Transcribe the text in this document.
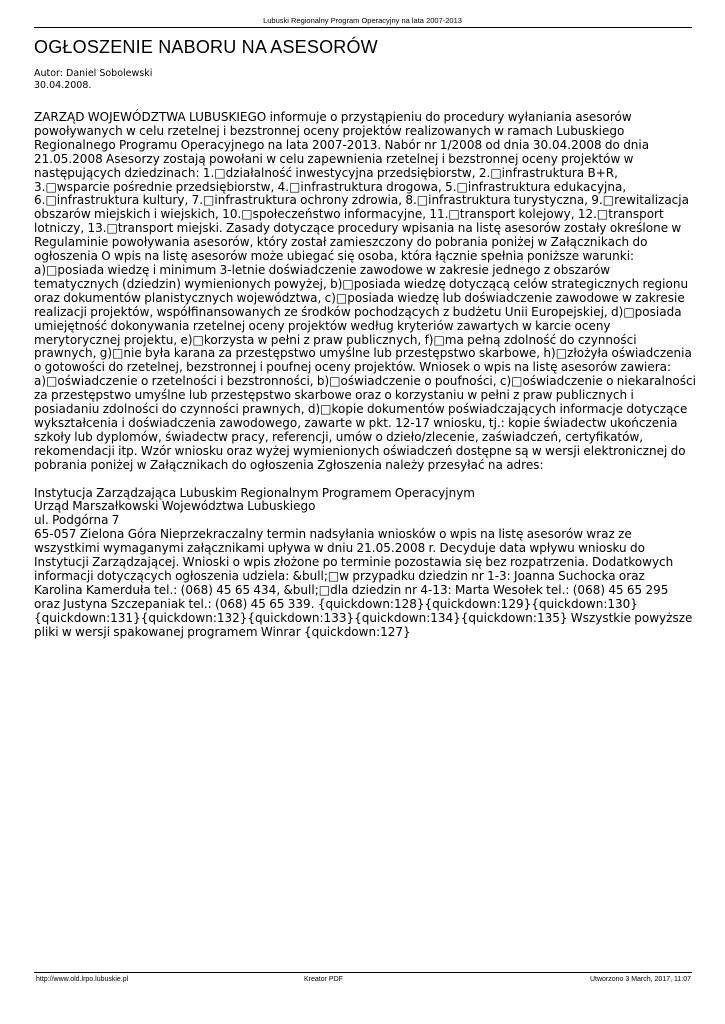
Lubuski Regionalny Program Operacyjny na lata 2007-2013
OGŁOSZENIE NABORU NA ASESORÓW
Autor: Daniel Sobolewski
30.04.2008.

ZARZĄD WOJEWÓDZTWA LUBUSKIEGO informuje o przystąpieniu do procedury wyłaniania asesorów powoływanych w celu rzetelnej i bezstronnej oceny projektów realizowanych w ramach Lubuskiego Regionalnego Programu Operacyjnego na lata 2007-2013. Nabór nr 1/2008 od dnia 30.04.2008 do dnia 21.05.2008 Asesorzy zostają powołani w celu zapewnienia rzetelnej i bezstronnej oceny projektów w następujących dziedzinach: 1.□działalność inwestycyjna przedsiębiorstw, 2.□infrastruktura B+R, 3.□wsparcie pośrednie przedsiębiorstw, 4.□infrastruktura drogowa, 5.□infrastruktura edukacyjna, 6.□infrastruktura kultury, 7.□infrastruktura ochrony zdrowia, 8.□infrastruktura turystyczna, 9.□rewitalizacja obszarów miejskich i wiejskich, 10.□społeczeństwo informacyjne, 11.□transport kolejowy, 12.□transport lotniczy, 13.□transport miejski. Zasady dotyczące procedury wpisania na listę asesorów zostały określone w Regulaminie powoływania asesorów, który został zamieszczony do pobrania poniżej w Załącznikach do ogłoszenia O wpis na listę asesorów może ubiegać się osoba, która łącznie spełnia poniższe warunki: a)□posiada wiedzę i minimum 3-letnie doświadczenie zawodowe w zakresie jednego z obszarów tematycznych (dziedzin) wymienionych powyżej, b)□posiada wiedzę dotyczącą celów strategicznych regionu oraz dokumentów planistycznych województwa, c)□posiada wiedzę lub doświadczenie zawodowe w zakresie realizacji projektów, współfinansowanych ze środków pochodzących z budżetu Unii Europejskiej, d)□posiada umiejętność dokonywania rzetelnej oceny projektów według kryteriów zawartych w karcie oceny merytorycznej projektu, e)□korzysta w pełni z praw publicznych, f)□ma pełną zdolność do czynności prawnych, g)□nie była karana za przestępstwo umyślne lub przestępstwo skarbowe, h)□złożyła oświadczenia o gotowości do rzetelnej, bezstronnej i poufnej oceny projektów. Wniosek o wpis na listę asesorów zawiera: a)□oświadczenie o rzetelności i bezstronności, b)□oświadczenie o poufności, c)□oświadczenie o niekaralności za przestępstwo umyślne lub przestępstwo skarbowe oraz o korzystaniu w pełni z praw publicznych i posiadaniu zdolności do czynności prawnych, d)□kopie dokumentów poświadczających informacje dotyczące wykształcenia i doświadczenia zawodowego, zawarte w pkt. 12-17 wniosku, tj.: kopie świadectw ukończenia szkoły lub dyplomów, świadectw pracy, referencji, umów o dzieło/zlecenie, zaświadczeń, certyfikatów, rekomendacji itp. Wzór wniosku oraz wyżej wymienionych oświadczeń dostępne są w wersji elektronicznej do pobrania poniżej w Załącznikach do ogłoszenia Zgłoszenia należy przesyłać na adres:

Instytucja Zarządzająca Lubuskim Regionalnym Programem Operacyjnym

Urząd Marszałkowski Województwa Lubuskiego

ul. Podgórna 7

65-057 Zielona Góra Nieprzekraczalny termin nadsyłania wniosków o wpis na listę asesorów wraz ze wszystkimi wymaganymi załącznikami upływa w dniu 21.05.2008 r. Decyduje data wpływu wniosku do Instytucji Zarządzającej. Wnioski o wpis złożone po terminie pozostawia się bez rozpatrzenia. Dodatkowych informacji dotyczących ogłoszenia udziela: &bull;□w przypadku dziedzin nr 1-3: Joanna Suchocka oraz Karolina Kamerduła tel.: (068) 45 65 434, &bull;□dla dziedzin nr 4-13: Marta Wesołek tel.: (068) 45 65 295 oraz Justyna Szczepaniak tel.: (068) 45 65 339. {quickdown:128}{quickdown:129}{quickdown:130}{quickdown:131}{quickdown:132}{quickdown:133}{quickdown:134}{quickdown:135} Wszystkie powyższe pliki w wersji spakowanej programem Winrar {quickdown:127}

http://www.old.lrpo.lubuskie.pl	Kreator PDF	Utworzono 3 March, 2017, 11:07
